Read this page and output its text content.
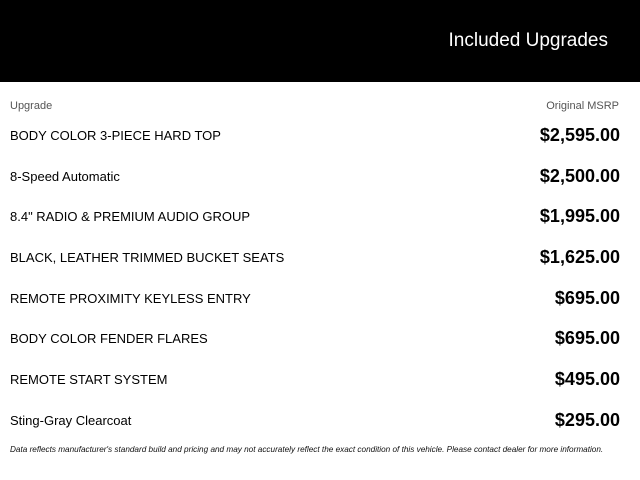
Included Upgrades
Upgrade	Original MSRP
BODY COLOR 3-PIECE HARD TOP	$2,595.00
8-Speed Automatic	$2,500.00
8.4" RADIO & PREMIUM AUDIO GROUP	$1,995.00
BLACK, LEATHER TRIMMED BUCKET SEATS	$1,625.00
REMOTE PROXIMITY KEYLESS ENTRY	$695.00
BODY COLOR FENDER FLARES	$695.00
REMOTE START SYSTEM	$495.00
Sting-Gray Clearcoat	$295.00
Data reflects manufacturer's standard build and pricing and may not accurately reflect the exact condition of this vehicle. Please contact dealer for more information.
